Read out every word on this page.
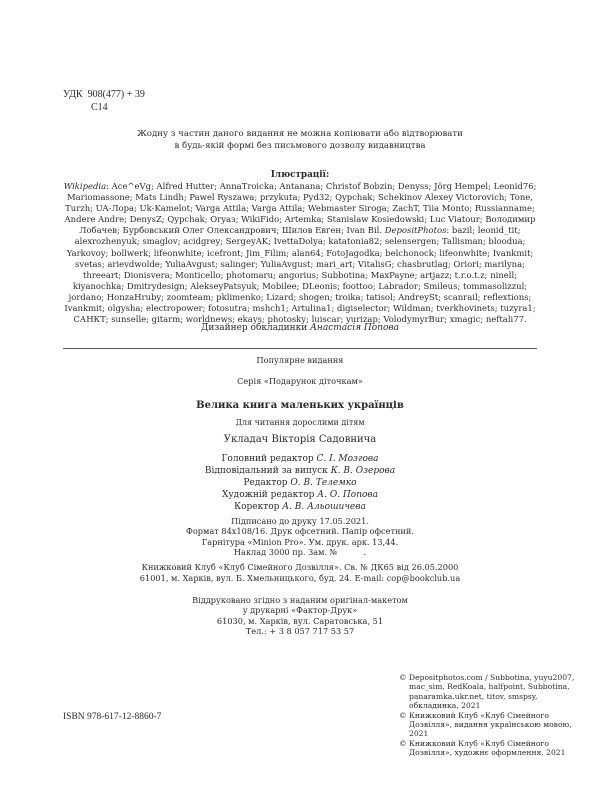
УДК 908(477) + 39
С14
Жодну з частин даного видання не можна копіювати або відтворювати
в будь-якій формі без письмового дозволу видавництва
Ілюстрації:
Wikipedia: Ace^eVg; Alfred Hutter; AnnaTroicka; Antanana; Christof Bobzin; Denyss; Jörg Hempel; Leonid76; Mariomassone; Mats Lindh; Pawel Ryszawa; przykuta; Pyd32; Qypchak; Schekinov Alexey Victorovich; Tone, Turzh; UA-Лора; Uk-Kamelot; Varga Attila; Varga Attila; Webmaster Siroga; ZachT, Tiia Monto; Russianname; Andere Andre; DenysZ; Qypchak; Oryaз; WikiFido; Artemka; Stanislaw Kosiedowski; Luc Viatour; Володимир Лобачев; Бурбовський Олег Олександрович; Шилов Евген; Ivan Bil. DepositPhotos: bazil; leonid_tit; alexrozhenyuk; smaglov; acidgrey; SergeyAK; IvettaDolya; katatonia82; selensergen; Tallisman; bloodua; Yarkovoy; bollwerk; lifeonwhite; icefront; Jim_Filim; alan64; FotoJagodka; belchonock; lifeonwhite; Ivankmit; svetas; arievdwolde; YuliaAvgust; salinger; YuliaAvgust; mari_art; VitalisG; chasbrutlag; Oriori; marilyna; threeart; Dionisvera; Monticello; photomaru; angorius; Subbotina; MaxPayne; artjazz; t.r.o.t.z; ninell; kiyanochka; Dmitrydesign; AlekseyPatsyuk; Mobilee; DLeonis; foottoo; Labrador; Smileus; tommasolizzul; jordano; HonzaHruby; zoomteam; pklimenko; Lizard; shogen; troika; tatisol; AndreySt; scanrail; reflextions; Ivankmit; olgysha; electropower; fotosutra; mshch1; Artulina1; digiselector; Wildman; tverkhovinets; tuzyra1; САНКТ; sunselle; gitarm; worldnews; ekays; photosky; luiscar; yurizap; VolodymyrBur; xmagic; neftali77.
Дизайнер обкладинки Анастасія Попова
Популярне видання
Серія «Подарунок діточкам»
Велика книга маленьких українців
Для читання дорослими дітям
Укладач Вікторія Садовнича
Головний редактор С. І. Мозгова
Відповідальний за випуск К. В. Озерова
Редактор О. В. Телемко
Художній редактор А. О. Попова
Коректор А. В. Альошичева
Підписано до друку 17.05.2021.
Формат 84х108/16. Друк офсетний. Папір офсетний.
Гарнітура «Minion Pro». Ум. друк. арк. 13,44.
Наклад 3000 пр. Зам. №          .
Книжковий Клуб «Клуб Сімейного Дозвілля». Св. № ДК65 від 26.05.2000
61001, м. Харків, вул. Б. Хмельницького, буд. 24. E-mail: cop@bookclub.ua
Віддруковано згідно з наданим оригінал-макетом
у друкарні «Фактор-Друк»
61030, м. Харків, вул. Саратовська, 51
Тел.: + 3 8 057 717 53 57
ISBN 978-617-12-8860-7
© Depositphotos.com / Subbotina, yuyu2007, mac_sim, RedKoala, halfpoint, Subbotina, panaramka.ukr.net, titov, smspsy, обкладинка, 2021
© Книжковий Клуб «Клуб Сімейного Дозвілля», видання українською мовою, 2021
© Книжковий Клуб «Клуб Сімейного Дозвілля», художнє оформлення, 2021
